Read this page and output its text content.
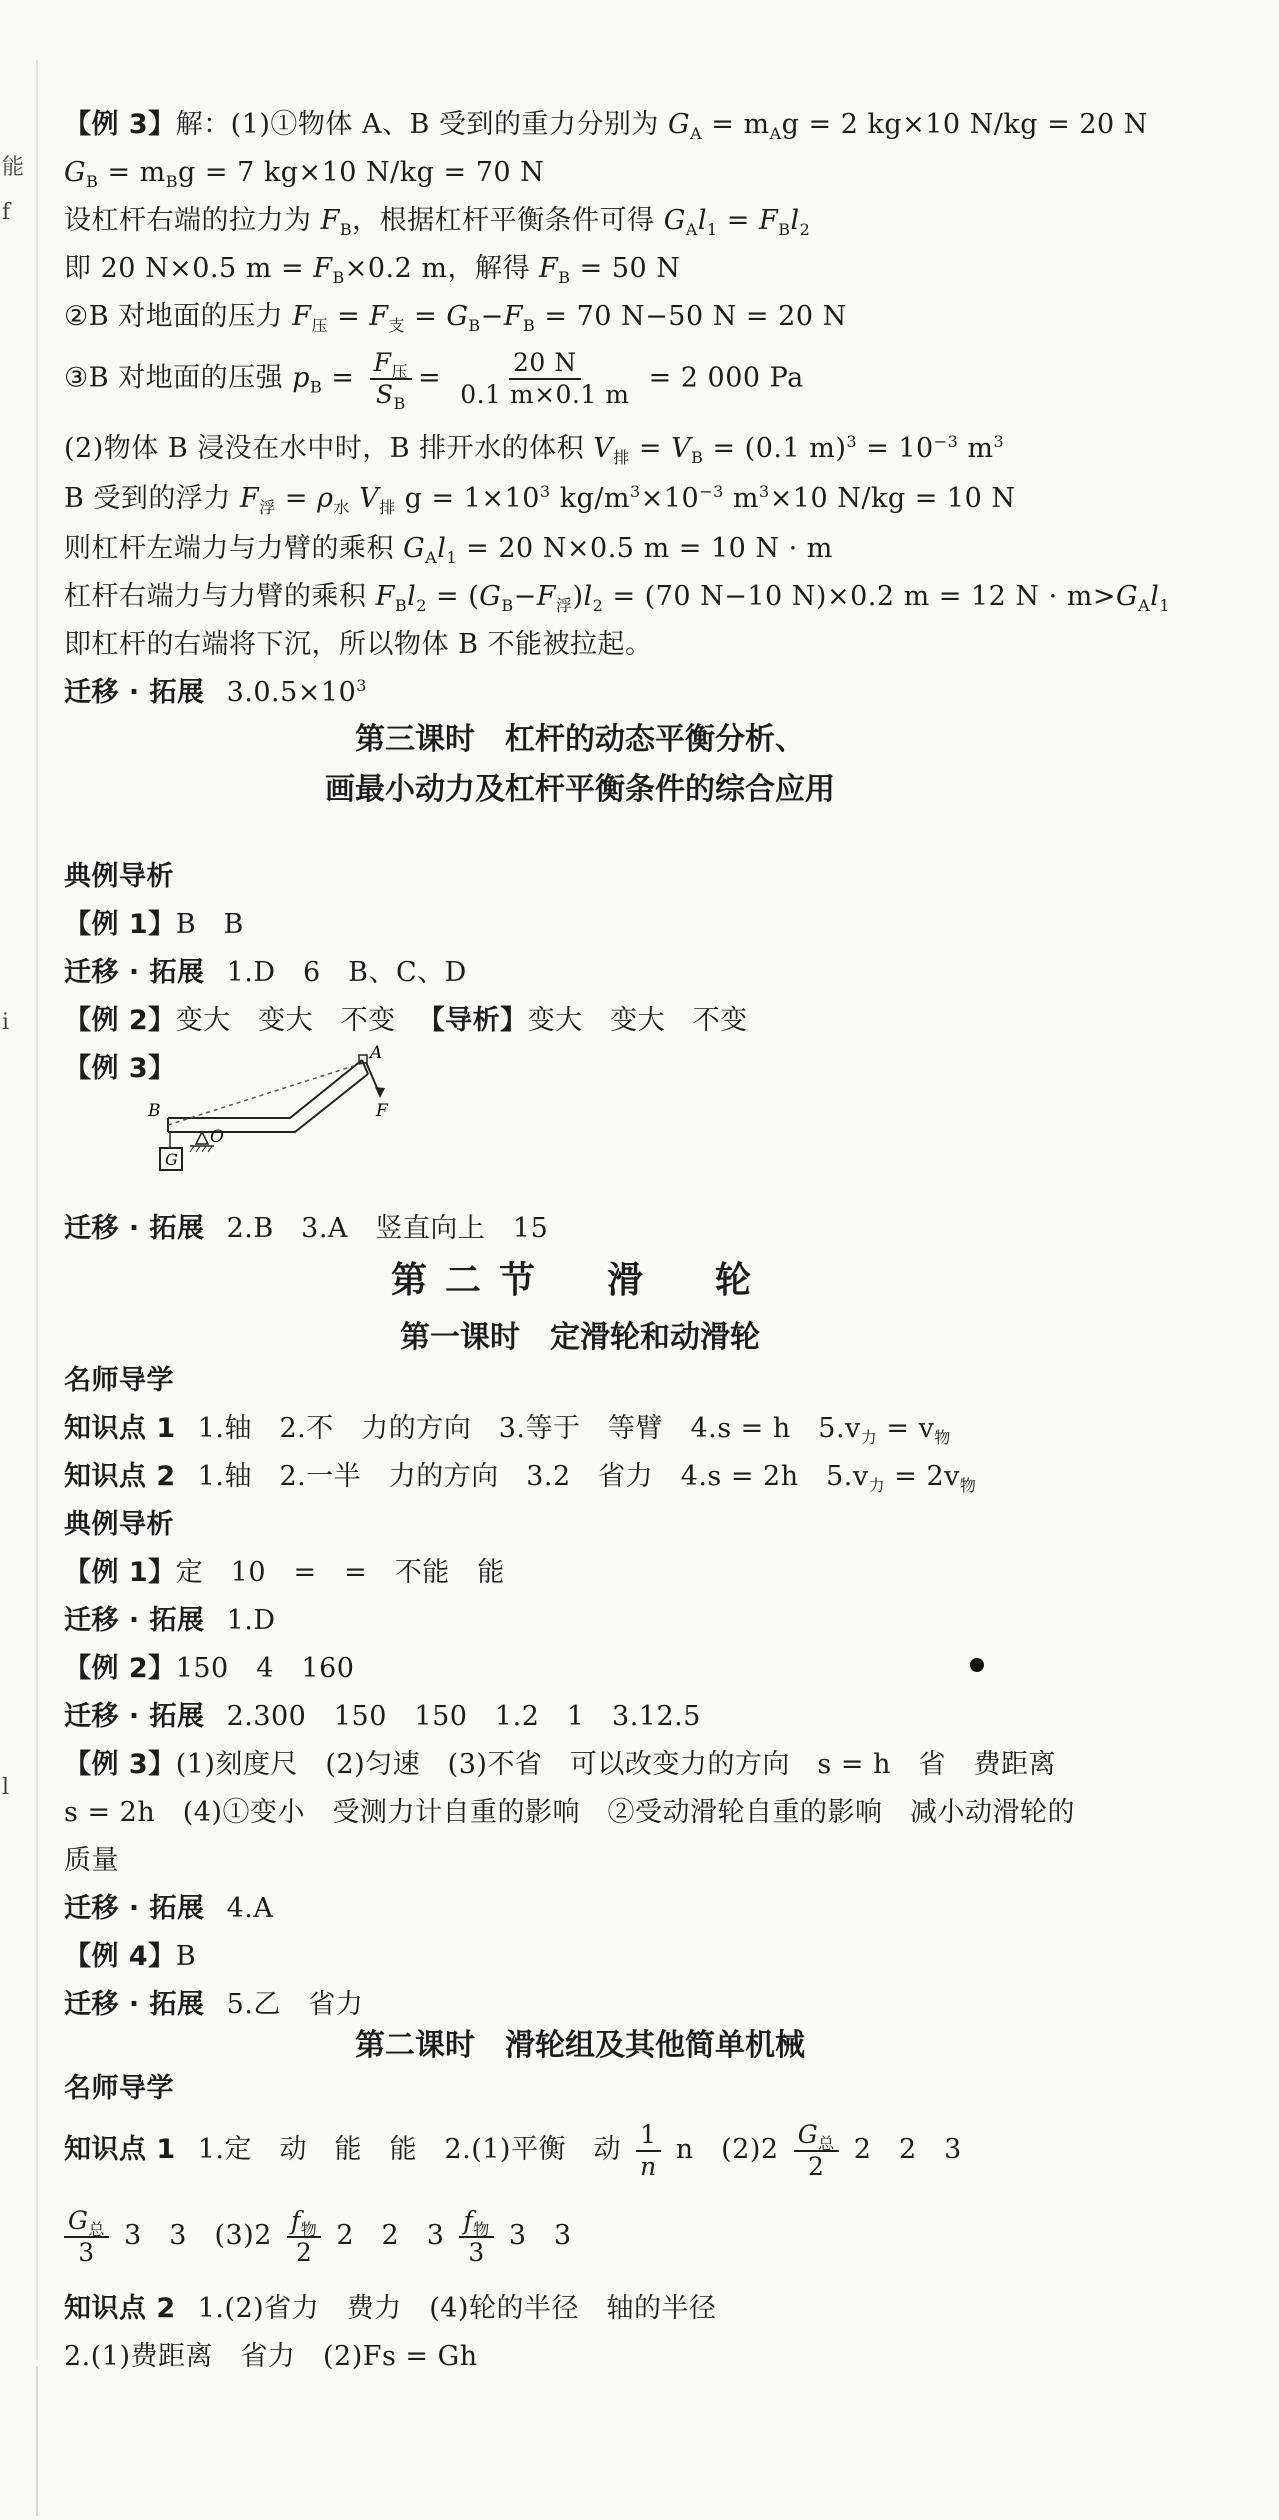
能
f
i
l
【例 3】解：(1)①物体 A、B 受到的重力分别为 $G_A = m_Ag = 2$ kg×10 N/kg = 20 N
$G_B = m_Bg = 7$ kg×10 N/kg = 70 N
设杠杆右端的拉力为 $F_B$，根据杠杆平衡条件可得 $G_Al_1 = F_Bl_2$
即 20 N×0.5 $m = F_B\times 0.2$ m，解得 $F_B = 50$ N
②B 对地面的压力 $F_压 = F_支 = G_B-F_B = 70$ N−50 N = 20 N
③B 对地面的压强 $p_B = \frac{F_压}{S_B} = \frac{20 N}{0.1 m\times 0.1 m} = 2$ 000 Pa
(2)物体 B 浸没在水中时，B 排开水的体积 $V_排 = V_B = (0.1$ $m)^3 = 10^{-3}$ $m^3$
B 受到的浮力 $F_浮 = \rho_水$ $V_排$ $g = 1\times 10^3$ $kg/m^3\times 10^{-3}$ $m^3\times 10$ N/kg = 10 N
则杠杆左端力与力臂的乘积 $G_Al_1 = 20$ N×0.5 m = 10 N · m
杠杆右端力与力臂的乘积 $F_Bl_2 = (G_B-F_浮)l_2 = (70$ N−10 N)×0.2 m = 12 $N \cdot m>G_Al_1$
即杠杆的右端将下沉，所以物体 B 不能被拉起。
迁移 · 拓展 $3.0.5\times 10^3$
第三课时　杠杆的动态平衡分析、
画最小动力及杠杆平衡条件的综合应用
典例导析
【例 1】B　B
迁移 · 拓展 1.D　6　B、C、D
【例 2】变大　变大　不变 【导析】变大　变大　不变
【例 3】
G
B
A
F
O
迁移 · 拓展 2.B　3.A　竖直向上　15
第二节　滑　轮
第一课时　定滑轮和动滑轮
名师导学
知识点 1 1.轴　2.不　力的方向　3.等于　等臂　4.s = h　$5.v_力 = v_物$
知识点 2 1.轴　2.一半　力的方向　3.2　省力　4.s = 2h　$5.v_力 = 2v_物$
典例导析
【例 1】定　10　=　=　不能　能
迁移 · 拓展 1.D
【例 2】150　4　160
迁移 · 拓展 2.300　150　150　1.2　1　3.12.5
【例 3】(1)刻度尺　(2)匀速　(3)不省　可以改变力的方向　s = h　省　费距离
s = 2h　(4)①变小　受测力计自重的影响　②受动滑轮自重的影响　减小动滑轮的
质量
迁移 · 拓展 4.A
【例 4】B
迁移 · 拓展 5.乙　省力
第二课时　滑轮组及其他简单机械
名师导学
知识点 1 1.定　动　能　能　2.(1)平衡　动 $\frac{1}{n}$ n　$(2)2 \frac{G_总}{2} 2$　2　3
$\frac{G_总}{3} 3$　3　$(3)2 \frac{f_物}{2} 2$　2　$3 \frac{f_物}{3} 3$　3
知识点 2 1.(2)省力　费力　(4)轮的半径　轴的半径
2.(1)费距离　省力　(2)Fs = Gh
